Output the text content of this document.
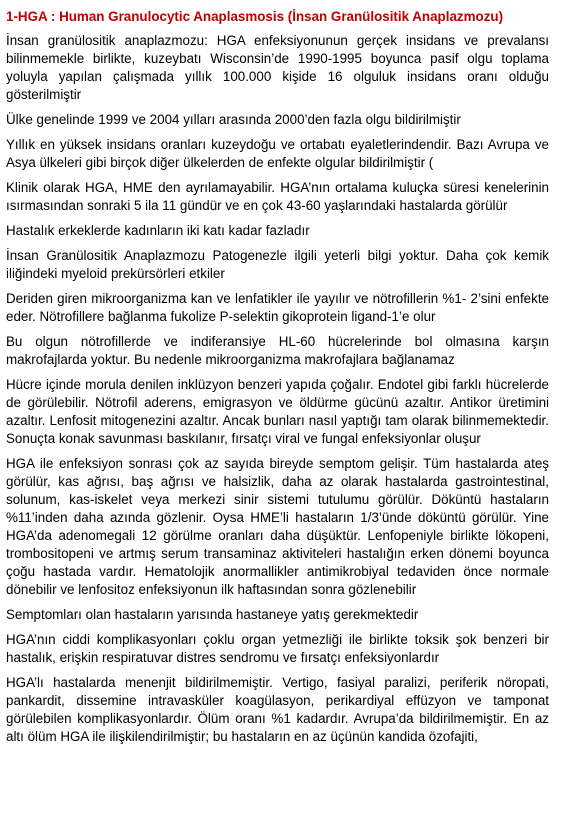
1-HGA : Human Granulocytic Anaplasmosis (İnsan Granülositik Anaplazmozu)

İnsan granülositik anaplazmozu: HGA enfeksiyonunun gerçek insidans ve prevalansı bilinmemekle birlikte, kuzeybatı Wisconsin’de 1990-1995 boyunca pasif olgu toplama yoluyla yapılan çalışmada yıllık 100.000 kişide 16 olguluk insidans oranı olduğu gösterilmiştir

Ülke genelinde 1999 ve 2004 yılları arasında 2000’den fazla olgu bildirilmiştir

Yıllık en yüksek insidans oranları kuzeydoğu ve ortabatı eyaletlerindendir. Bazı Avrupa ve Asya ülkeleri gibi birçok diğer ülkelerden de enfekte olgular bildirilmiştir (

Klinik olarak HGA, HME den ayrılamayabilir. HGA’nın ortalama kuluçka süresi kenelerinin ısırmasından sonraki 5 ila 11 gündür ve en çok 43-60 yaşlarındaki hastalarda görülür

Hastalık erkeklerde kadınların iki katı kadar fazladır

İnsan Granülositik Anaplazmozu Patogenezle ilgili yeterli bilgi yoktur. Daha çok kemik iliğindeki myeloid prekürsörleri etkiler

Deriden giren mikroorganizma kan ve lenfatikler ile yayılır ve nötrofillerin %1- 2’sini enfekte eder. Nötrofillere bağlanma fukolize P-selektin gikoprotein ligand-1’e olur

Bu olgun nötrofillerde ve indiferansiye HL-60 hücrelerinde bol olmasına karşın makrofajlarda yoktur. Bu nedenle mikroorganizma makrofajlara bağlanamaz

Hücre içinde morula denilen inklüzyon benzeri yapıda çoğalır. Endotel gibi farklı hücrelerde de görülebilir. Nötrofil aderens, emigrasyon ve öldürme gücünü azaltır. Antikor üretimini azaltır. Lenfosit mitogenezini azaltır. Ancak bunları nasıl yaptığı tam olarak bilinmemektedir. Sonuçta konak savunması baskılanır, fırsatçı viral ve fungal enfeksiyonlar oluşur

HGA ile enfeksiyon sonrası çok az sayıda bireyde semptom gelişir. Tüm hastalarda ateş görülür, kas ağrısı, baş ağrısı ve halsizlik, daha az olarak hastalarda gastrointestinal, solunum, kas-iskelet veya merkezi sinir sistemi tutulumu görülür. Döküntü hastaların %11’inden daha azında gözlenir. Oysa HME’li hastaların 1/3’ünde döküntü görülür. Yine HGA’da adenomegali 12 görülme oranları daha düşüktür. Lenfopeniyle birlikte lökopeni, trombositopeni ve artmış serum transaminaz aktiviteleri hastalığın erken dönemi boyunca çoğu hastada vardır. Hematolojik anormallikler antimikrobiyal tedaviden önce normale dönebilir ve lenfositoz enfeksiyonun ilk haftasından sonra gözlenebilir

Semptomları olan hastaların yarısında hastaneye yatış gerekmektedir

HGA’nın ciddi komplikasyonları çoklu organ yetmezliği ile birlikte toksik şok benzeri bir hastalık, erişkin respiratuvar distres sendromu ve fırsatçı enfeksiyonlardır

HGA’lı hastalarda menenjit bildirilmemiştir. Vertigo, fasiyal paralizi, periferik nöropati, pankardit, dissemine intravasküler koagülasyon, perikardiyal effüzyon ve tamponat görülebilen komplikasyonlardır. Ölüm oranı %1 kadardır. Avrupa’da bildirilmemiştir. En az altı ölüm HGA ile ilişkilendirilmiştir; bu hastaların en az üçünün kandida özofajiti,
